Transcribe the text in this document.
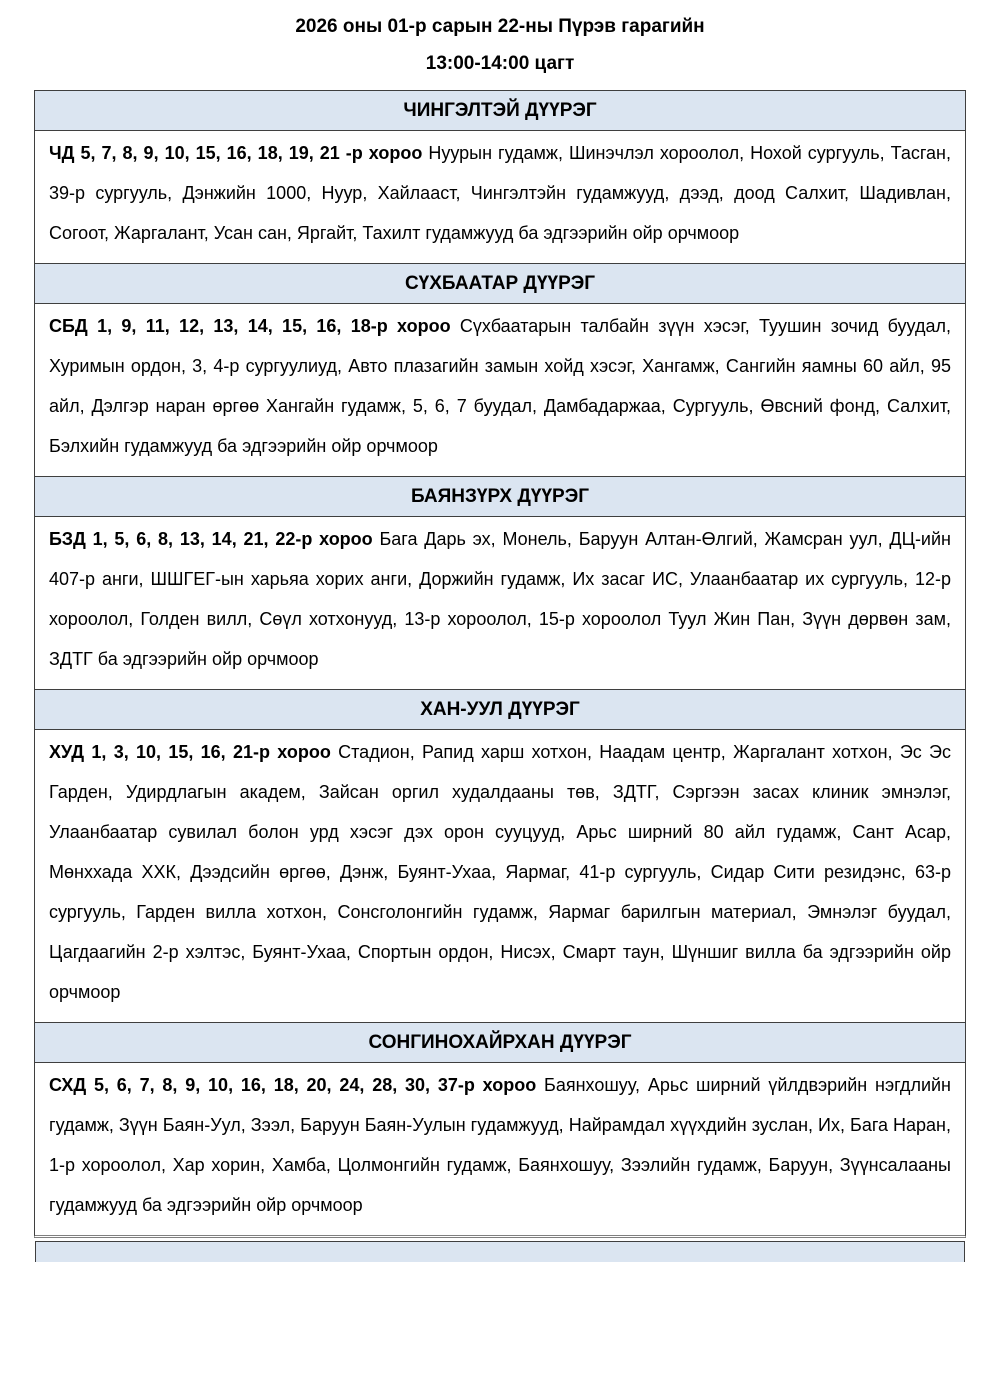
2026 оны 01-р сарын 22-ны Пүрэв гарагийн

13:00-14:00 цагт

ЧИНГЭЛТЭЙ ДҮҮРЭГ

ЧД 5, 7, 8, 9, 10, 15, 16, 18, 19, 21 -р хороо Нуурын гудамж, Шинэчлэл хороолол, Нохой сургууль, Тасган, 39-р сургууль, Дэнжийн 1000, Нуур, Хайлааст, Чингэлтэйн гудамжууд, дээд, доод Салхит, Шадивлан, Согоот, Жаргалант, Усан сан, Яргайт, Тахилт гудамжууд ба эдгээрийн ойр орчмоор

СҮХБААТАР ДҮҮРЭГ

СБД 1, 9, 11, 12, 13, 14, 15, 16, 18-р хороо Сүхбаатарын талбайн зүүн хэсэг, Туушин зочид буудал, Хуримын ордон, 3, 4-р сургуулиуд, Авто плазагийн замын хойд хэсэг, Хангамж, Сангийн яамны 60 айл, 95 айл, Дэлгэр наран өргөө Хангайн гудамж, 5, 6, 7 буудал, Дамбадаржаа, Сургууль, Өвсний фонд, Салхит, Бэлхийн гудамжууд ба эдгээрийн ойр орчмоор

БАЯНЗҮРХ ДҮҮРЭГ

БЗД 1, 5, 6, 8, 13, 14, 21, 22-р хороо Бага Дарь эх, Монель, Баруун Алтан-Өлгий, Жамсран уул, ДЦ-ийн 407-р анги, ШШГЕГ-ын харьяа хорих анги, Доржийн гудамж, Их засаг ИС, Улаанбаатар их сургууль, 12-р хороолол, Голден вилл, Сөүл хотхонууд, 13-р хороолол, 15-р хороолол Туул Жин Пан, Зүүн дөрвөн зам, ЗДТГ ба эдгээрийн ойр орчмоор

ХАН-УУЛ ДҮҮРЭГ

ХУД 1, 3, 10, 15, 16, 21-р хороо Стадион, Рапид харш хотхон, Наадам центр, Жаргалант хотхон, Эс Эс Гарден, Удирдлагын академ, Зайсан оргил худалдааны төв, ЗДТГ, Сэргээн засах клиник эмнэлэг, Улаанбаатар сувилал болон урд хэсэг дэх орон сууцууд, Арьс ширний 80 айл гудамж, Сант Асар, Мөнххада ХХК, Дээдсийн өргөө, Дэнж, Буянт-Ухаа, Яармаг, 41-р сургууль, Сидар Сити резидэнс, 63-р сургууль, Гарден вилла хотхон, Сонсголонгийн гудамж, Яармаг барилгын материал, Эмнэлэг буудал, Цагдаагийн 2-р хэлтэс, Буянт-Ухаа, Спортын ордон, Нисэх, Смарт таун, Шүншиг вилла ба эдгээрийн ойр орчмоор

СОНГИНОХАЙРХАН ДҮҮРЭГ

СХД 5, 6, 7, 8, 9, 10, 16, 18, 20, 24, 28, 30, 37-р хороо Баянхошуу, Арьс ширний үйлдвэрийн нэгдлийн гудамж, Зүүн Баян-Уул, Зээл, Баруун Баян-Уулын гудамжууд, Найрамдал хүүхдийн зуслан, Их, Бага Наран, 1-р хороолол, Хар хорин, Хамба, Цолмонгийн гудамж, Баянхошуу, Зээлийн гудамж, Баруун, Зүүнсалааны гудамжууд ба эдгээрийн ойр орчмоор
